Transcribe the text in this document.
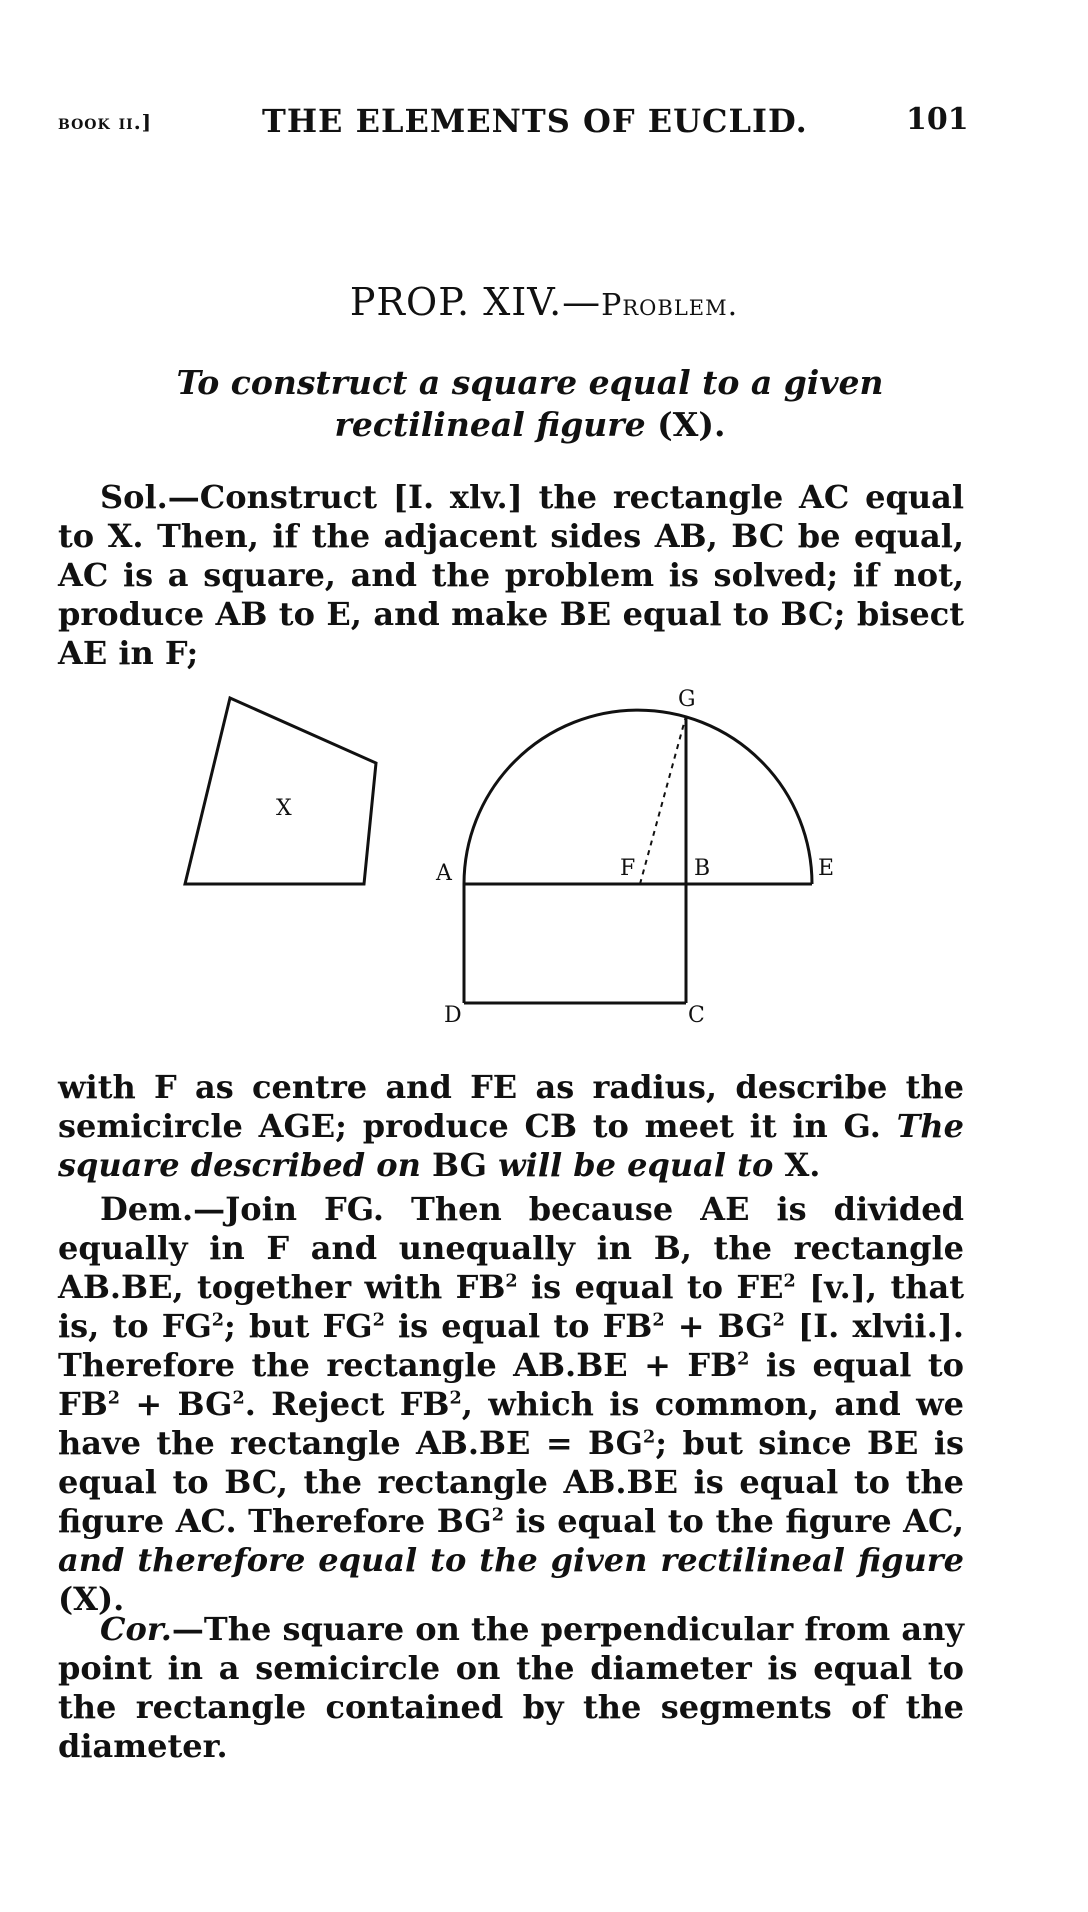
book ii.]	THE ELEMENTS OF EUCLID.	101
PROP. XIV.—Problem.
To construct a square equal to a given rectilineal figure (X).

Sol.—Construct [I. xlv.] the rectangle AC equal to X. Then, if the adjacent sides AB, BC be equal, AC is a square, and the problem is solved; if not, produce AB to E, and make BE equal to BC; bisect AE in F;

X
G
A	F	B	E
D	C

with F as centre and FE as radius, describe the semicircle AGE; produce CB to meet it in G. The square described on BG will be equal to X.

Dem.—Join FG. Then because AE is divided equally in F and unequally in B, the rectangle AB.BE, together with $FB^2$ is equal to $FE^2$ [v.], that is, to $FG^2$; but $FG^2$ is equal to $FB^2 + BG^2$ [I. xlvii.]. Therefore the rectangle $AB.BE + FB^2$ is equal to $FB^2 + BG^2$. Reject $FB^2$, which is common, and we have the rectangle $AB.BE = BG^2$; but since BE is equal to BC, the rectangle AB.BE is equal to the figure AC. Therefore $BG^2$ is equal to the figure AC, and therefore equal to the given rectilineal figure (X).

Cor.—The square on the perpendicular from any point in a semicircle on the diameter is equal to the rectangle contained by the segments of the diameter.
